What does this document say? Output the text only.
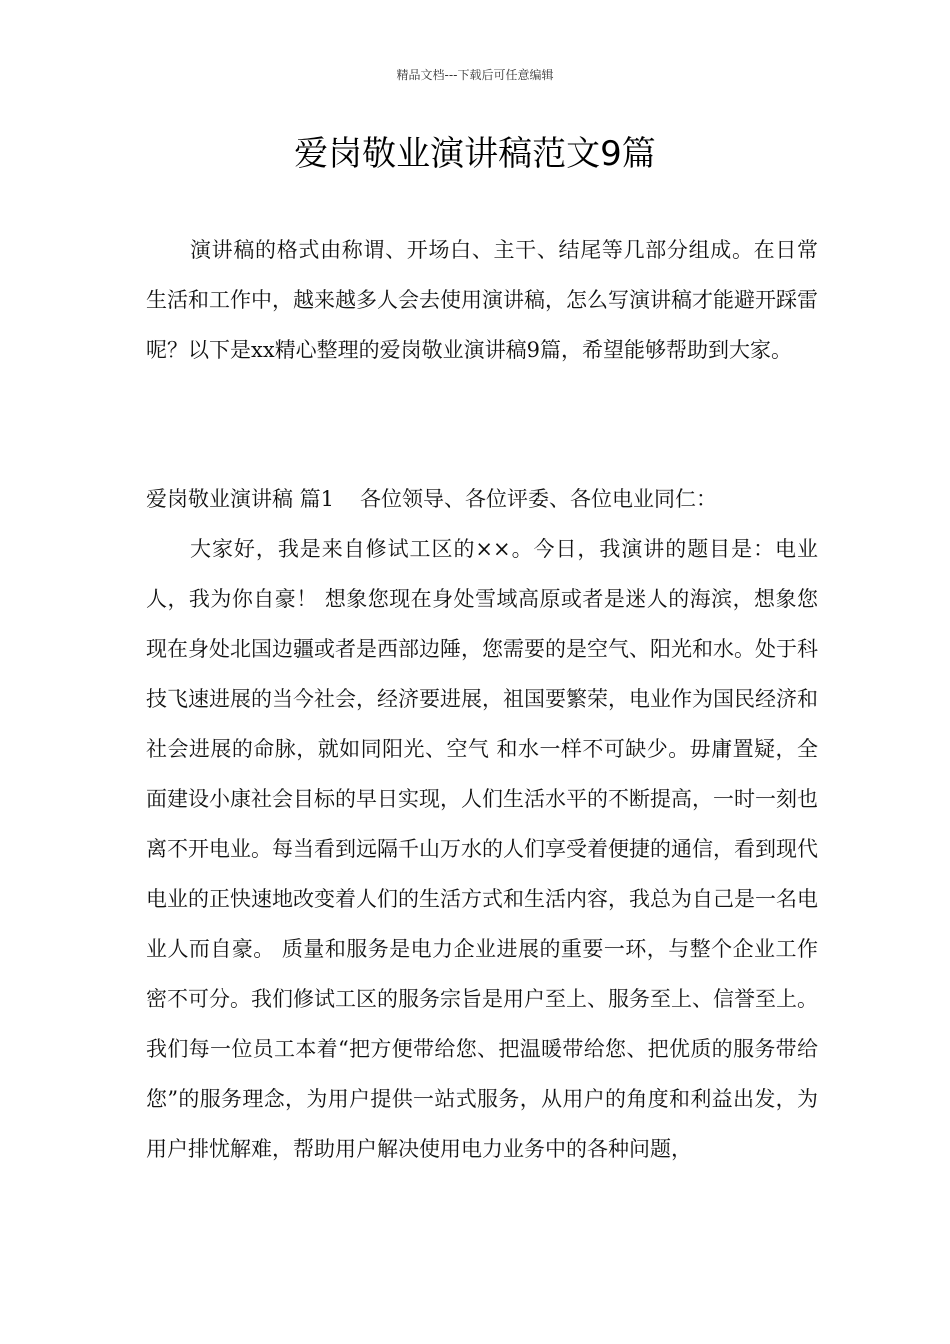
精品文档---下载后可任意编辑
爱岗敬业演讲稿范文9篇

演讲稿的格式由称谓、开场白、主干、结尾等几部分组成。在日常生活和工作中，越来越多人会去使用演讲稿，怎么写演讲稿才能避开踩雷呢？以下是xx精心整理的爱岗敬业演讲稿9篇，希望能够帮助到大家。

爱岗敬业演讲稿 篇1 各位领导、各位评委、各位电业同仁：

大家好，我是来自修试工区的××。今日，我演讲的题目是：电业人，我为你自豪！ 想象您现在身处雪域高原或者是迷人的海滨，想象您现在身处北国边疆或者是西部边陲，您需要的是空气、阳光和水。处于科技飞速进展的当今社会，经济要进展，祖国要繁荣，电业作为国民经济和社会进展的命脉，就如同阳光、空气 和水一样不可缺少。毋庸置疑，全面建设小康社会目标的早日实现，人们生活水平的不断提高，一时一刻也离不开电业。每当看到远隔千山万水的人们享受着便捷的通信，看到现代电业的正快速地改变着人们的生活方式和生活内容，我总为自己是一名电业人而自豪。 质量和服务是电力企业进展的重要一环，与整个企业工作密不可分。我们修试工区的服务宗旨是用户至上、服务至上、信誉至上。我们每一位员工本着“把方便带给您、把温暖带给您、把优质的服务带给您”的服务理念，为用户提供一站式服务，从用户的角度和利益出发，为用户排忧解难，帮助用户解决使用电力业务中的各种问题，
